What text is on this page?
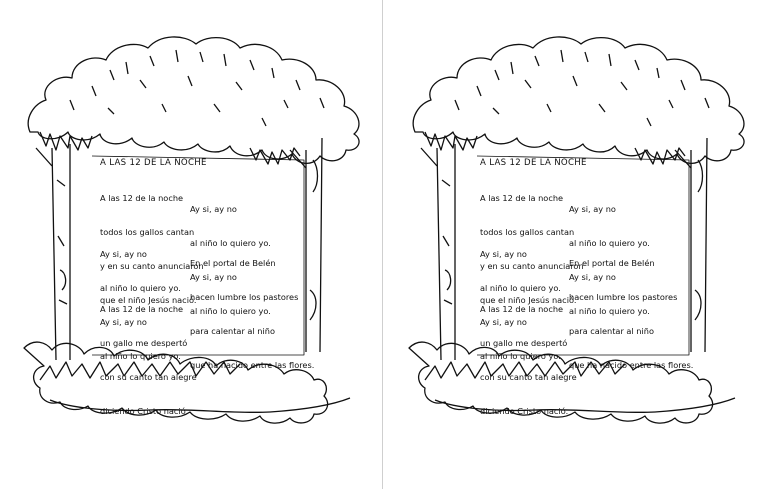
A LAS 12 DE LA NOCHE

A las 12 de la noche

todos los gallos cantan

y en su canto anunciaron

que el niño Jesús nació.

Ay si, ay no

al niño lo quiero yo.

Ay si, ay no

al niño lo quiero yo.

A las 12 de la noche

un gallo me despertó

con su canto tan alegre

diciendo Cristo nació.

Ay si, ay no

al niño lo quiero yo.

Ay si, ay no

al niño lo quiero yo.

En el portal de Belén

hacen lumbre los pastores

para calentar al niño

que ha nacido entre las flores.

A LAS 12 DE LA NOCHE

A las 12 de la noche

todos los gallos cantan

y en su canto anunciaron

que el niño Jesús nació.

Ay si, ay no

al niño lo quiero yo.

Ay si, ay no

al niño lo quiero yo.

A las 12 de la noche

un gallo me despertó

con su canto tan alegre

diciendo Cristo nació.

Ay si, ay no

al niño lo quiero yo.

Ay si, ay no

al niño lo quiero yo.

En el portal de Belén

hacen lumbre los pastores

para calentar al niño

que ha nacido entre las flores.
